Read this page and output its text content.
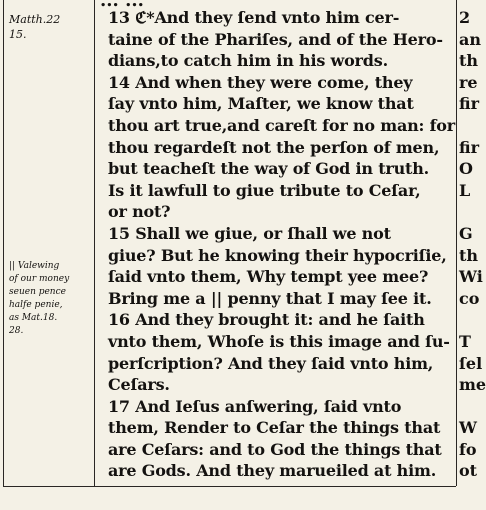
... ...
Matth.22
15.
|| Valewing
of our money
seuen pence
halfe penie,
as Mat.18.
28.
13 ℭ*And they ſend vnto him cer-
taine of the Phariſes, and of the Hero-
dians,to catch him in his words.
14 And when they were come, they
ſay vnto him, Maſter, we know that
thou art true,and careſt for no man: for
thou regardeſt not the perſon of men,
but teacheſt the way of God in truth.
Is it lawfull to giue tribute to Ceſar,
or not?
15 Shall we giue, or ſhall we not
giue? But he knowing their hypocriſie,
ſaid vnto them, Why tempt yee mee?
Bring me a || penny that I may ſee it.
16 And they brought it: and he ſaith
vnto them, Whoſe is this image and ſu-
perſcription? And they ſaid vnto him,
Ceſars.
17 And Ieſus anſwering, ſaid vnto
them, Render to Ceſar the things that
are Ceſars: and to God the things that
are Gods. And they marueiled at him.
2
an
th
re
fir

fir
O
L

G
th
Wi
co

T
ſel
me

W
fo
ot
